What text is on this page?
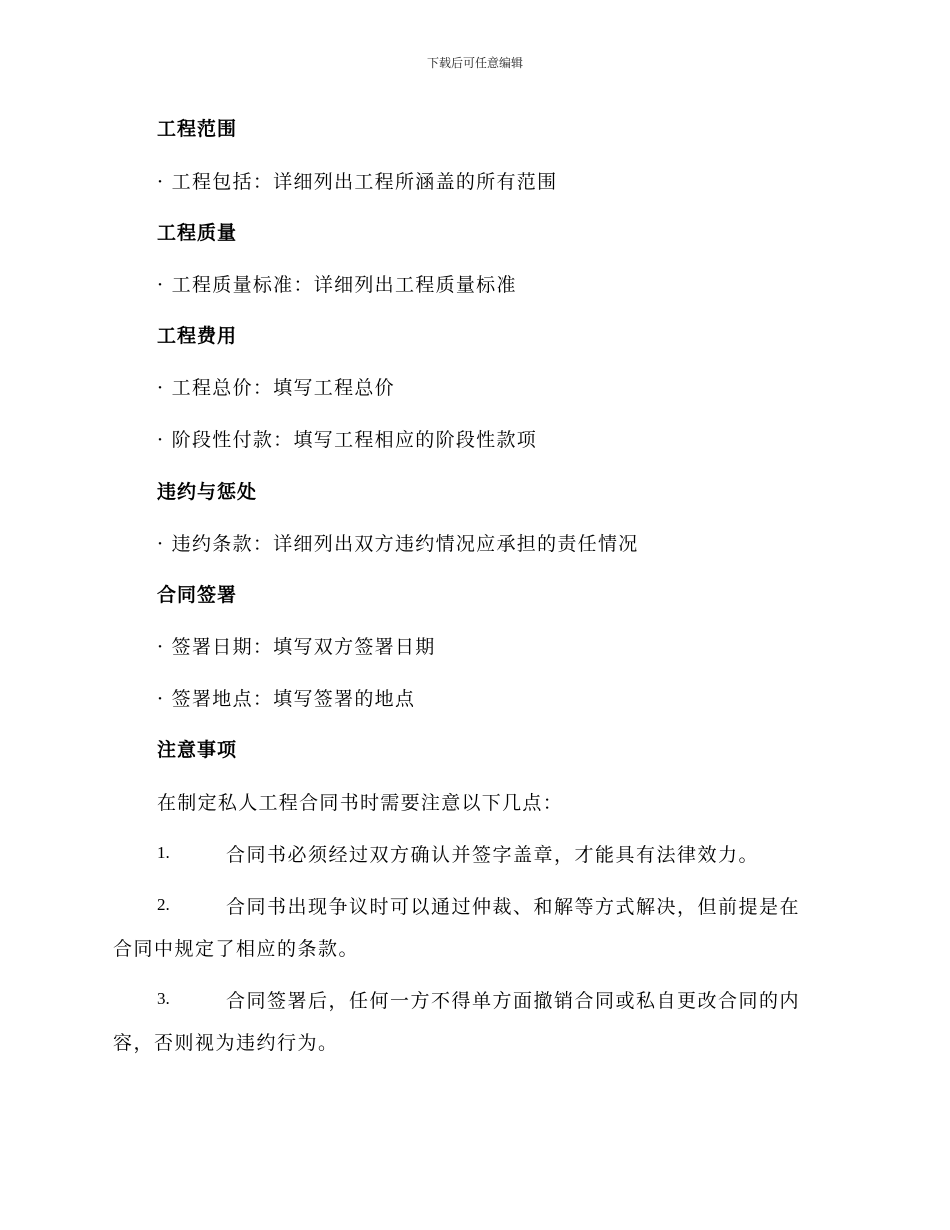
下载后可任意编辑
工程范围
· 工程包括：详细列出工程所涵盖的所有范围
工程质量
· 工程质量标准：详细列出工程质量标准
工程费用
· 工程总价：填写工程总价
· 阶段性付款：填写工程相应的阶段性款项
违约与惩处
· 违约条款：详细列出双方违约情况应承担的责任情况
合同签署
· 签署日期：填写双方签署日期
· 签署地点：填写签署的地点
注意事项
在制定私人工程合同书时需要注意以下几点：
1.	合同书必须经过双方确认并签字盖章，才能具有法律效力。
2.	合同书出现争议时可以通过仲裁、和解等方式解决，但前提是在
合同中规定了相应的条款。
3.	合同签署后，任何一方不得单方面撤销合同或私自更改合同的内
容，否则视为违约行为。
